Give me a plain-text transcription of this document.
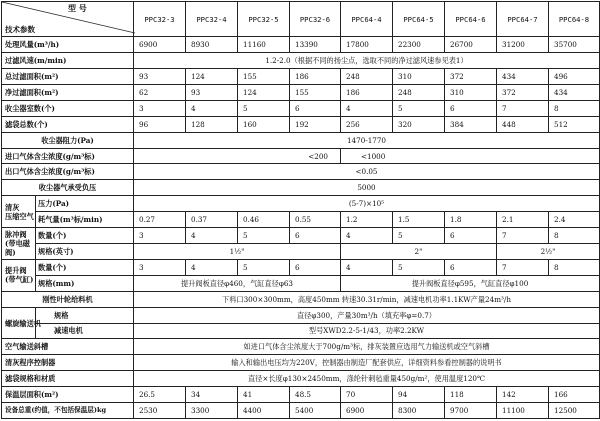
型 号
技术参数		PPC32-3	PPC32-4	PPC32-5	PPC32-6	PPC64-4	PPC64-5	PPC64-6	PPC64-7	PPC64-8
处理风量(m³/h)		6900	8930	11160	13390	17800	22300	26700	31200	35700
过滤风速(m/min)		1.2-2.0（根据不同的扬尘点，选取不同的净过滤风速参见表1）								
总过滤面积(m²)		93	124	155	186	248	310	372	434	496
净过滤面积(m²)		62	93	124	155	186	248	310	372	434
收尘器室数(个)		3	4	5	6	4	5	6	7	8
滤袋总数(个)		96	128	160	192	256	320	384	448	512
收尘器阻力(Pa)		1470-1770								
进口气体含尘浓度(g/m³标)		<200				<1000				
出口气体含尘浓度(g/m³标)		<0.05								
收尘器气承受负压		5000								
清灰
压缩空气	压力(Pa)	(5-7)×10⁵								
	耗气量(m³标/min)	0.27	0.37	0.46	0.55	1.2	1.5	1.8	2.1	2.4
脉冲阀
(带电磁阀)	数量(个)	3	4	5	6	4	5	6	7	8
	规格(英寸)	1½"				2"			2½"	
提升阀
(带气缸)	数量(个)	3	4	5	6	4	5	6	7	8
	规格(mm)	提升阀板直径φ460，气缸直径φ63				提升阀板直径φ595，气缸直径φ100				
刚性叶轮给料机		下料口300×300mm，高度450mm 转速30.31r/min，减速电机功率1.1KW产量24m³/h								
螺旋输送机	规格	直径φ300，产量30m³/h（填充率φ=0.7）								
	减速电机	型号XWD2.2-5-1/43，功率2.2KW								
空气输送斜槽		如进口气体含尘浓度大于700g/m³标，排灰装置应选用气力输送机或空气斜槽								
清灰程序控制器		输入和输出电压均为220V，控制器由制造厂配套供应，详细资料参看控制器的说明书								
滤袋规格和材质		直径×长度φ130×2450mm，涤纶针刺毡重量450g/m²，使用温度120℃								
保温层面积(m²)		26.5	34	41	48.5	70	94	118	142	166
设备总重(约值，不包括保温层)kg		2530	3300	4400	5400	6900	8300	9700	11100	12500
